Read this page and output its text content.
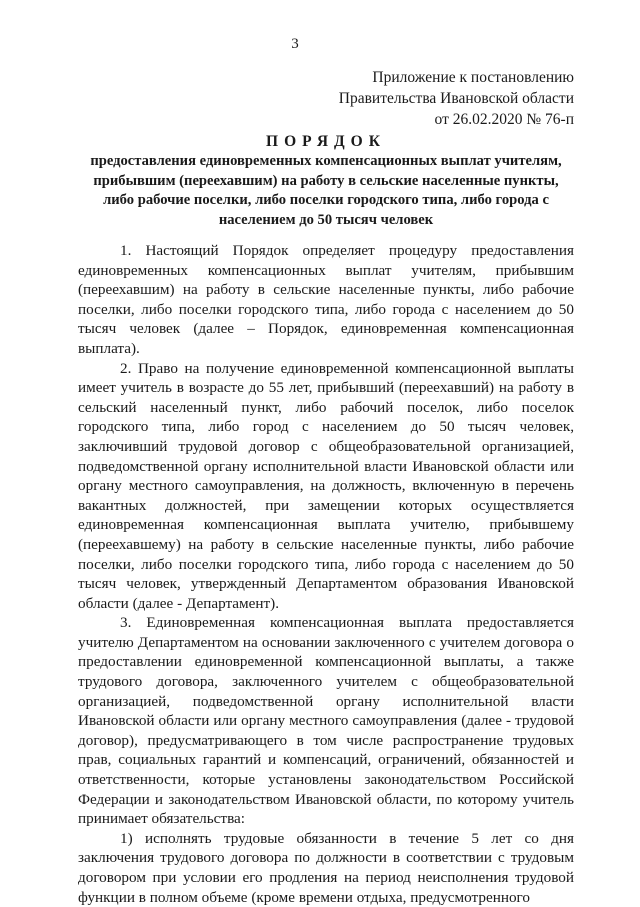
3
Приложение к постановлению
Правительства Ивановской области
от 26.02.2020 № 76-п
ПОРЯДОК
предоставления единовременных компенсационных выплат учителям, прибывшим (переехавшим) на работу в сельские населенные пункты, либо рабочие поселки, либо поселки городского типа, либо города с населением до 50 тысяч человек

1. Настоящий Порядок определяет процедуру предоставления единовременных компенсационных выплат учителям, прибывшим (переехавшим) на работу в сельские населенные пункты, либо рабочие поселки, либо поселки городского типа, либо города с населением до 50 тысяч человек (далее – Порядок, единовременная компенсационная выплата).

2. Право на получение единовременной компенсационной выплаты имеет учитель в возрасте до 55 лет, прибывший (переехавший) на работу в сельский населенный пункт, либо рабочий поселок, либо поселок городского типа, либо город с населением до 50 тысяч человек, заключивший трудовой договор с общеобразовательной организацией, подведомственной органу исполнительной власти Ивановской области или органу местного самоуправления, на должность, включенную в перечень вакантных должностей, при замещении которых осуществляется единовременная компенсационная выплата учителю, прибывшему (переехавшему) на работу в сельские населенные пункты, либо рабочие поселки, либо поселки городского типа, либо города с населением до 50 тысяч человек, утвержденный Департаментом образования Ивановской области (далее - Департамент).

3. Единовременная компенсационная выплата предоставляется учителю Департаментом на основании заключенного с учителем договора о предоставлении единовременной компенсационной выплаты, а также трудового договора, заключенного учителем с общеобразовательной организацией, подведомственной органу исполнительной власти Ивановской области или органу местного самоуправления (далее - трудовой договор), предусматривающего в том числе распространение трудовых прав, социальных гарантий и компенсаций, ограничений, обязанностей и ответственности, которые установлены законодательством Российской Федерации и законодательством Ивановской области, по которому учитель принимает обязательства:

1) исполнять трудовые обязанности в течение 5 лет со дня заключения трудового договора по должности в соответствии с трудовым договором при условии его продления на период неисполнения трудовой функции в полном объеме (кроме времени отдыха, предусмотренного
